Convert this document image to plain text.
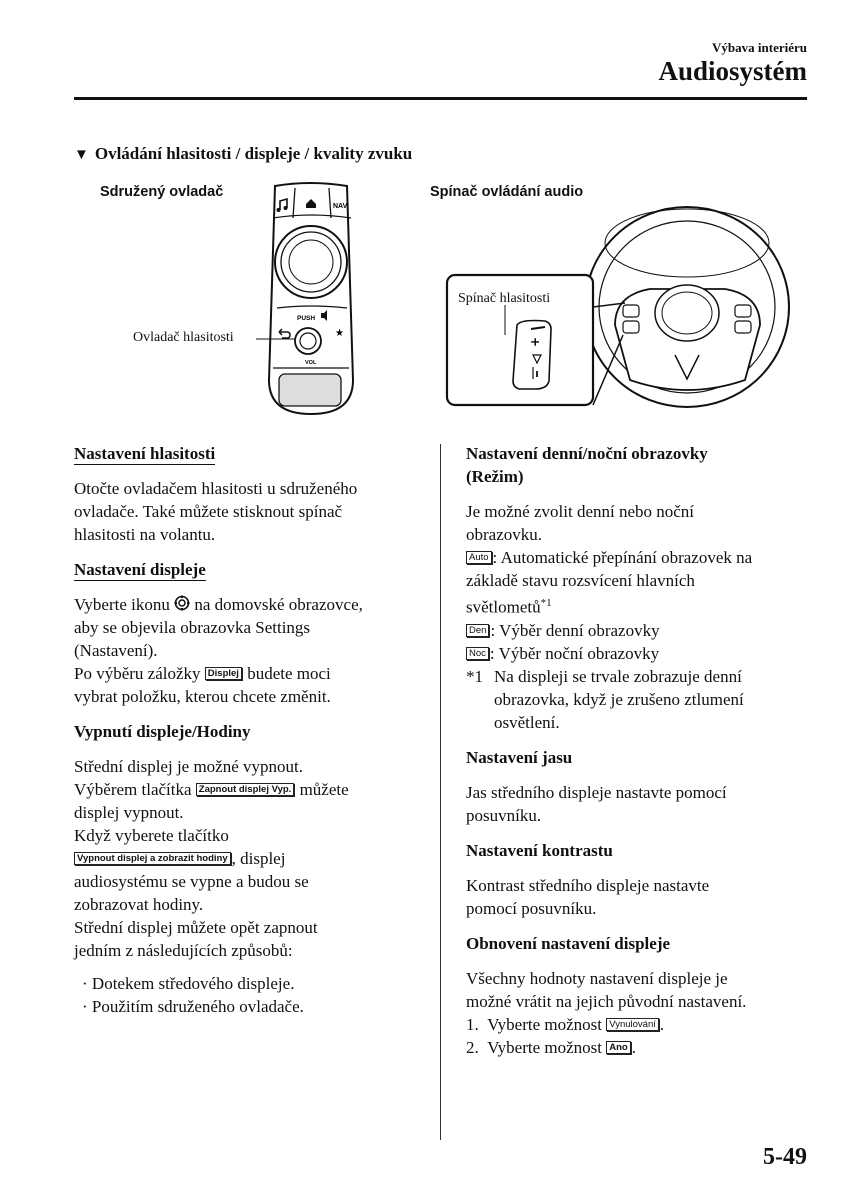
Výbava interiéru
Audiosystém
▼ Ovládání hlasitosti / displeje / kvality zvuku
Sdružený ovladač	Spínač ovládání audio
NAV
PUSH
VOL
★
Ovladač hlasitosti	+
Spínač hlasitosti

Nastavení hlasitosti

Otočte ovladačem hlasitosti u sdruženého
ovladače. Také můžete stisknout spínač
hlasitosti na volantu.

Nastavení displeje

Vyberte ikonu na domovské obrazovce,
aby se objevila obrazovka Settings
(Nastavení).
Po výběru záložky Displej budete moci
vybrat položku, kterou chcete změnit.

Vypnutí displeje/Hodiny

Střední displej je možné vypnout.
Výběrem tlačítka Zapnout displej Vyp. můžete
displej vypnout.
Když vyberete tlačítko
Vypnout displej a zobrazit hodiny , displej
audiosystému se vypne a budou se
zobrazovat hodiny.
Střední displej můžete opět zapnout
jedním z následujících způsobů:

· Dotekem středového displeje.

· Použitím sdruženého ovladače.

Nastavení denní/noční obrazovky
(Režim)

Je možné zvolit denní nebo noční
obrazovku.
Auto : Automatické přepínání obrazovek na
základě stavu rozsvícení hlavních
světlometů$^{*1}$
Den : Výběr denní obrazovky
Noc : Výběr noční obrazovky

*1 Na displeji se trvale zobrazuje denní obrazovka, když je zrušeno ztlumení osvětlení.

Nastavení jasu

Jas středního displeje nastavte pomocí
posuvníku.

Nastavení kontrastu

Kontrast středního displeje nastavte
pomocí posuvníku.

Obnovení nastavení displeje

Všechny hodnoty nastavení displeje je
možné vrátit na jejich původní nastavení.

1. Vyberte možnost Vynulování .

2. Vyberte možnost Ano .

5-49
